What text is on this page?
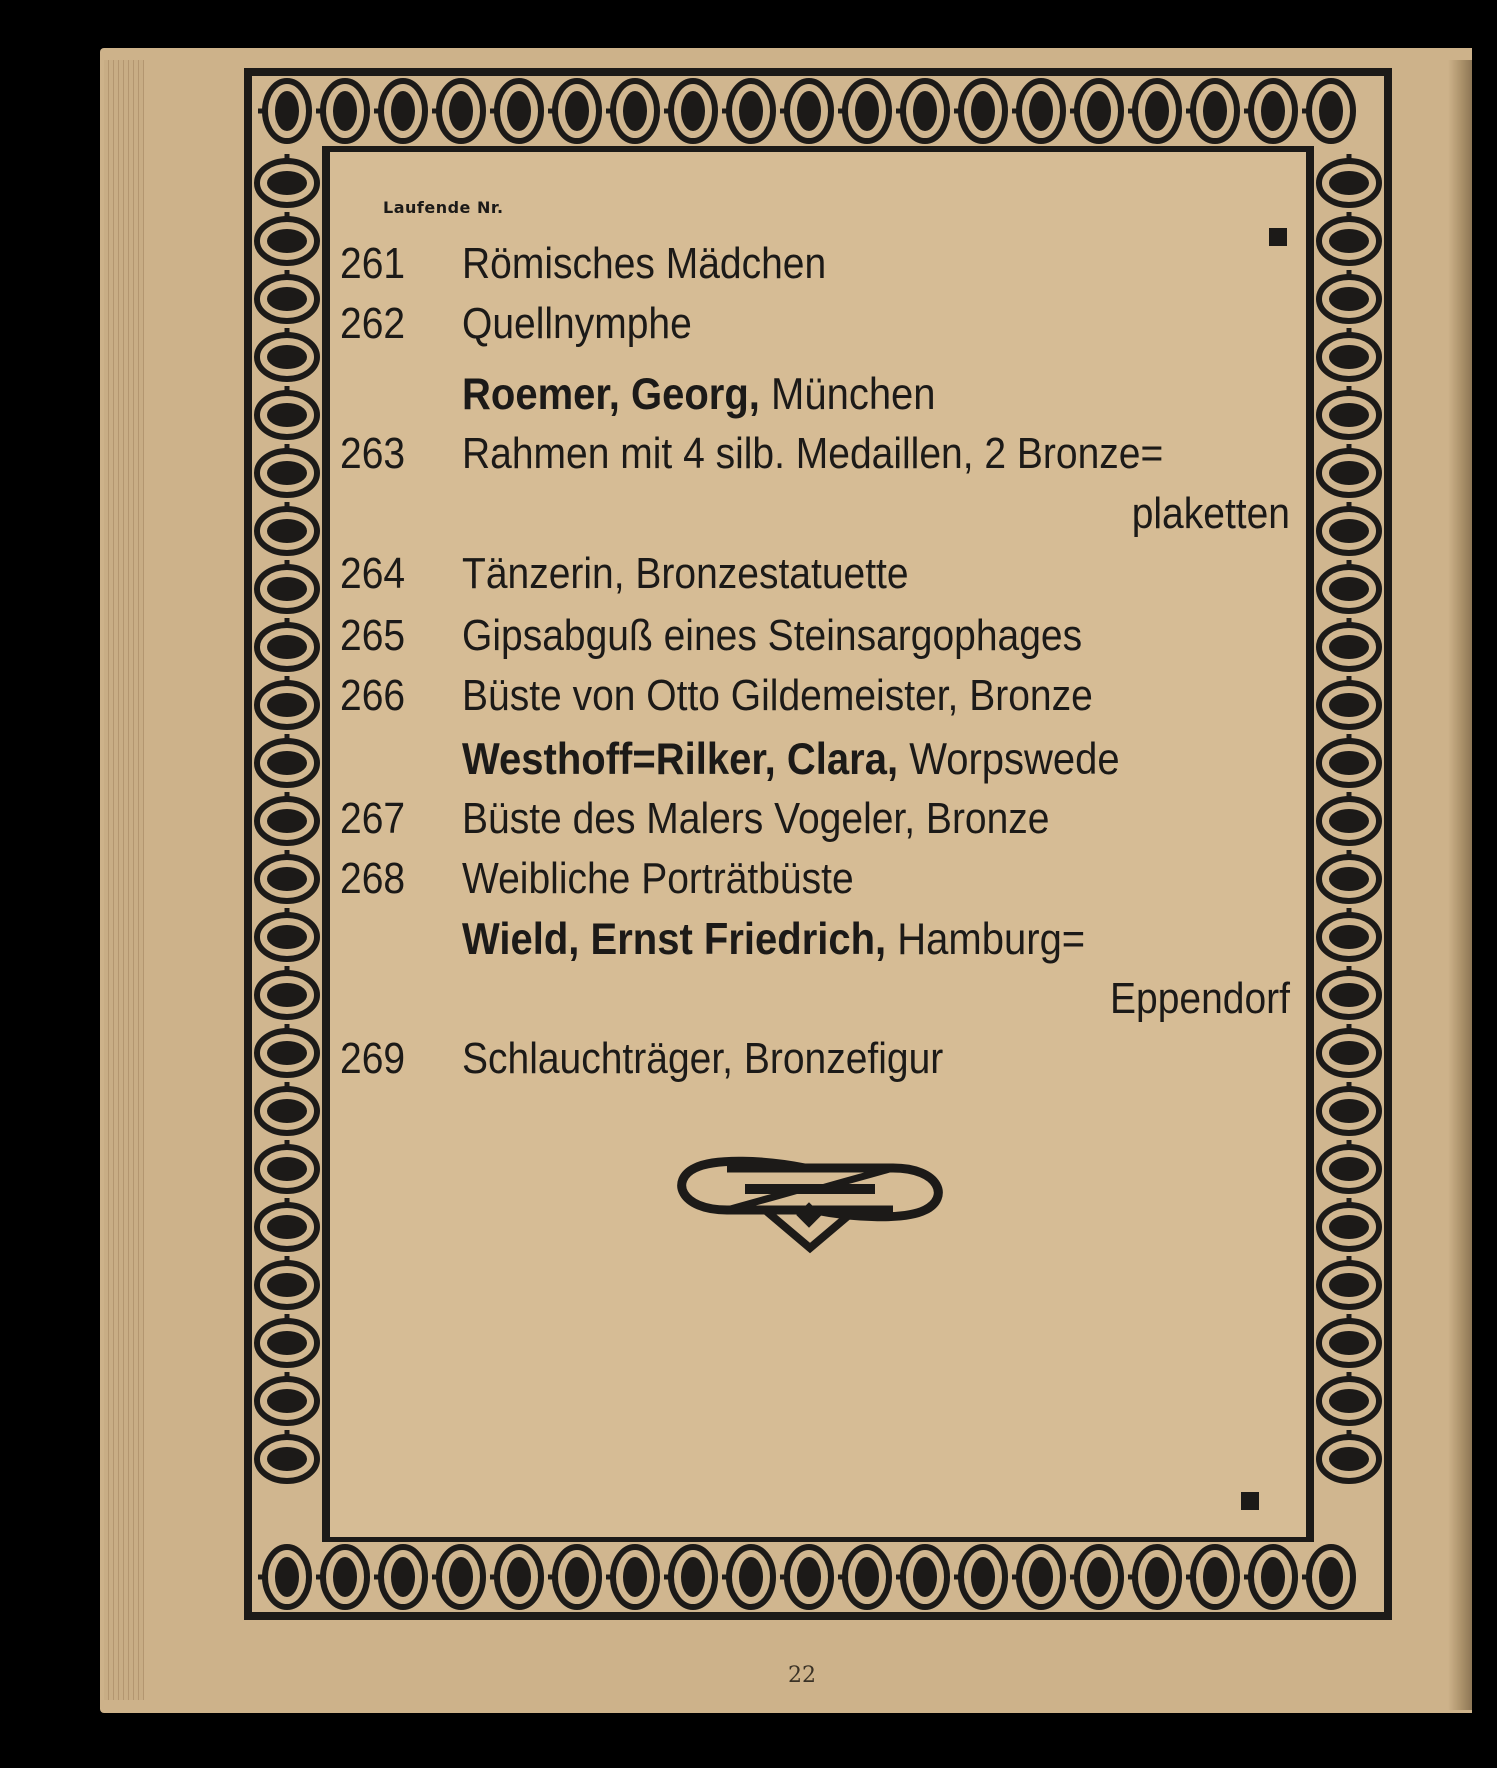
Laufende Nr.
261 Römisches Mädchen
262 Quellnymphe
Roemer, Georg, München
263 Rahmen mit 4 silb. Medaillen, 2 Bronze=
plaketten
264 Tänzerin, Bronzestatuette
265 Gipsabguß eines Steinsargophages
266 Büste von Otto Gildemeister, Bronze
Westhoff=Rilker, Clara, Worpswede
267 Büste des Malers Vogeler, Bronze
268 Weibliche Porträtbüste
Wield, Ernst Friedrich, Hamburg=
Eppendorf
269 Schlauchträger, Bronzefigur
22
